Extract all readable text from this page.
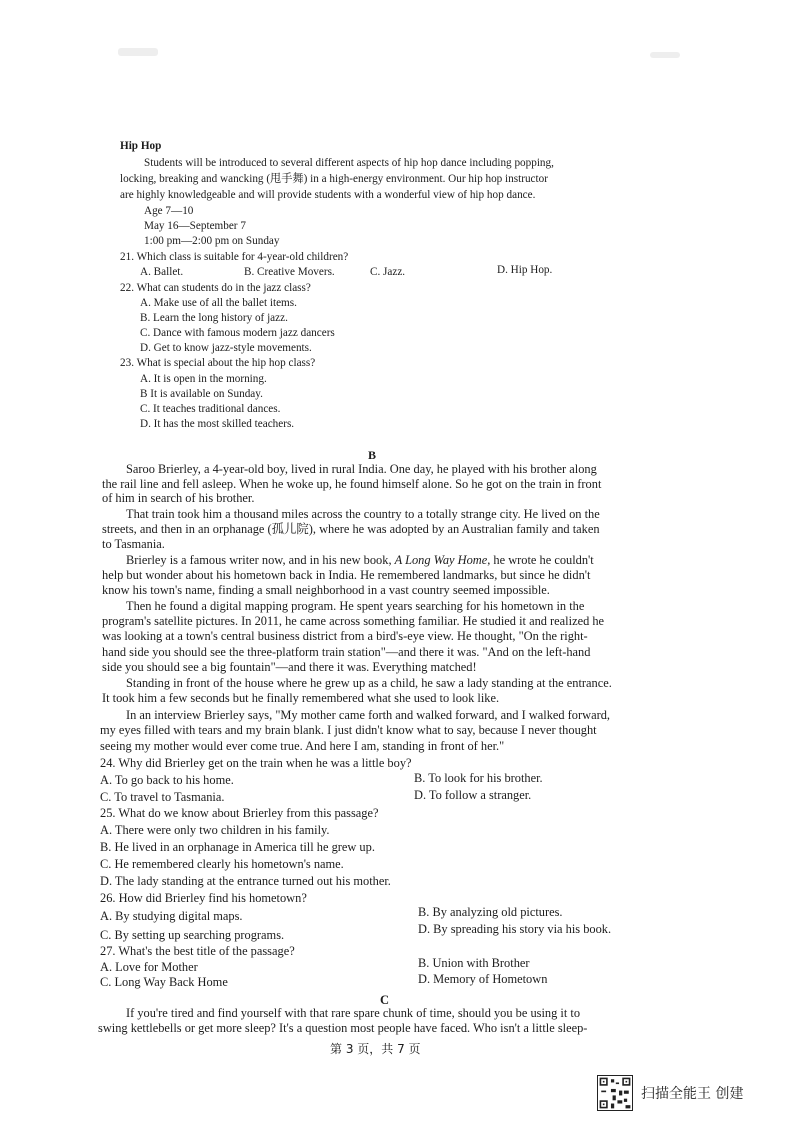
Hip Hop
Students will be introduced to several different aspects of hip hop dance including popping,
locking, breaking and wancking (甩手舞) in a high-energy environment. Our hip hop instructor
are highly knowledgeable and will provide students with a wonderful view of hip hop dance.
Age 7—10
May 16—September 7
1:00 pm—2:00 pm on Sunday
21. Which class is suitable for 4-year-old children?
A. Ballet.	B. Creative Movers.	C. Jazz.	D. Hip Hop.
22. What can students do in the jazz class?
A. Make use of all the ballet items.
B. Learn the long history of jazz.
C. Dance with famous modern jazz dancers
D. Get to know jazz-style movements.
23. What is special about the hip hop class?
A. It is open in the morning.
B It is available on Sunday.
C. It teaches traditional dances.
D. It has the most skilled teachers.
B
Saroo Brierley, a 4-year-old boy, lived in rural India. One day, he played with his brother along
the rail line and fell asleep. When he woke up, he found himself alone. So he got on the train in front
of him in search of his brother.
That train took him a thousand miles across the country to a totally strange city. He lived on the
streets, and then in an orphanage (孤儿院), where he was adopted by an Australian family and taken
to Tasmania.
Brierley is a famous writer now, and in his new book, A Long Way Home, he wrote he couldn't
help but wonder about his hometown back in India. He remembered landmarks, but since he didn't
know his town's name, finding a small neighborhood in a vast country seemed impossible.
Then he found a digital mapping program. He spent years searching for his hometown in the
program's satellite pictures. In 2011, he came across something familiar. He studied it and realized he
was looking at a town's central business district from a bird's-eye view. He thought, "On the right-
hand side you should see the three-platform train station"—and there it was. "And on the left-hand
side you should see a big fountain"—and there it was. Everything matched!
Standing in front of the house where he grew up as a child, he saw a lady standing at the entrance.
It took him a few seconds but he finally remembered what she used to look like.
In an interview Brierley says, "My mother came forth and walked forward, and I walked forward,
my eyes filled with tears and my brain blank. I just didn't know what to say, because I never thought
seeing my mother would ever come true. And here I am, standing in front of her."
24. Why did Brierley get on the train when he was a little boy?
A. To go back to his home.	B. To look for his brother.
C. To travel to Tasmania.	D. To follow a stranger.
25. What do we know about Brierley from this passage?
A. There were only two children in his family.
B. He lived in an orphanage in America till he grew up.
C. He remembered clearly his hometown's name.
D. The lady standing at the entrance turned out his mother.
26. How did Brierley find his hometown?
A. By studying digital maps.	B. By analyzing old pictures.
C. By setting up searching programs.	D. By spreading his story via his book.
27. What's the best title of the passage?
A. Love for Mother	B. Union with Brother
C. Long Way Back Home	D. Memory of Hometown
C
If you're tired and find yourself with that rare spare chunk of time, should you be using it to
swing kettlebells or get more sleep? It's a question most people have faced. Who isn't a little sleep-
第 3 页，共 7 页
扫描全能王 创建
